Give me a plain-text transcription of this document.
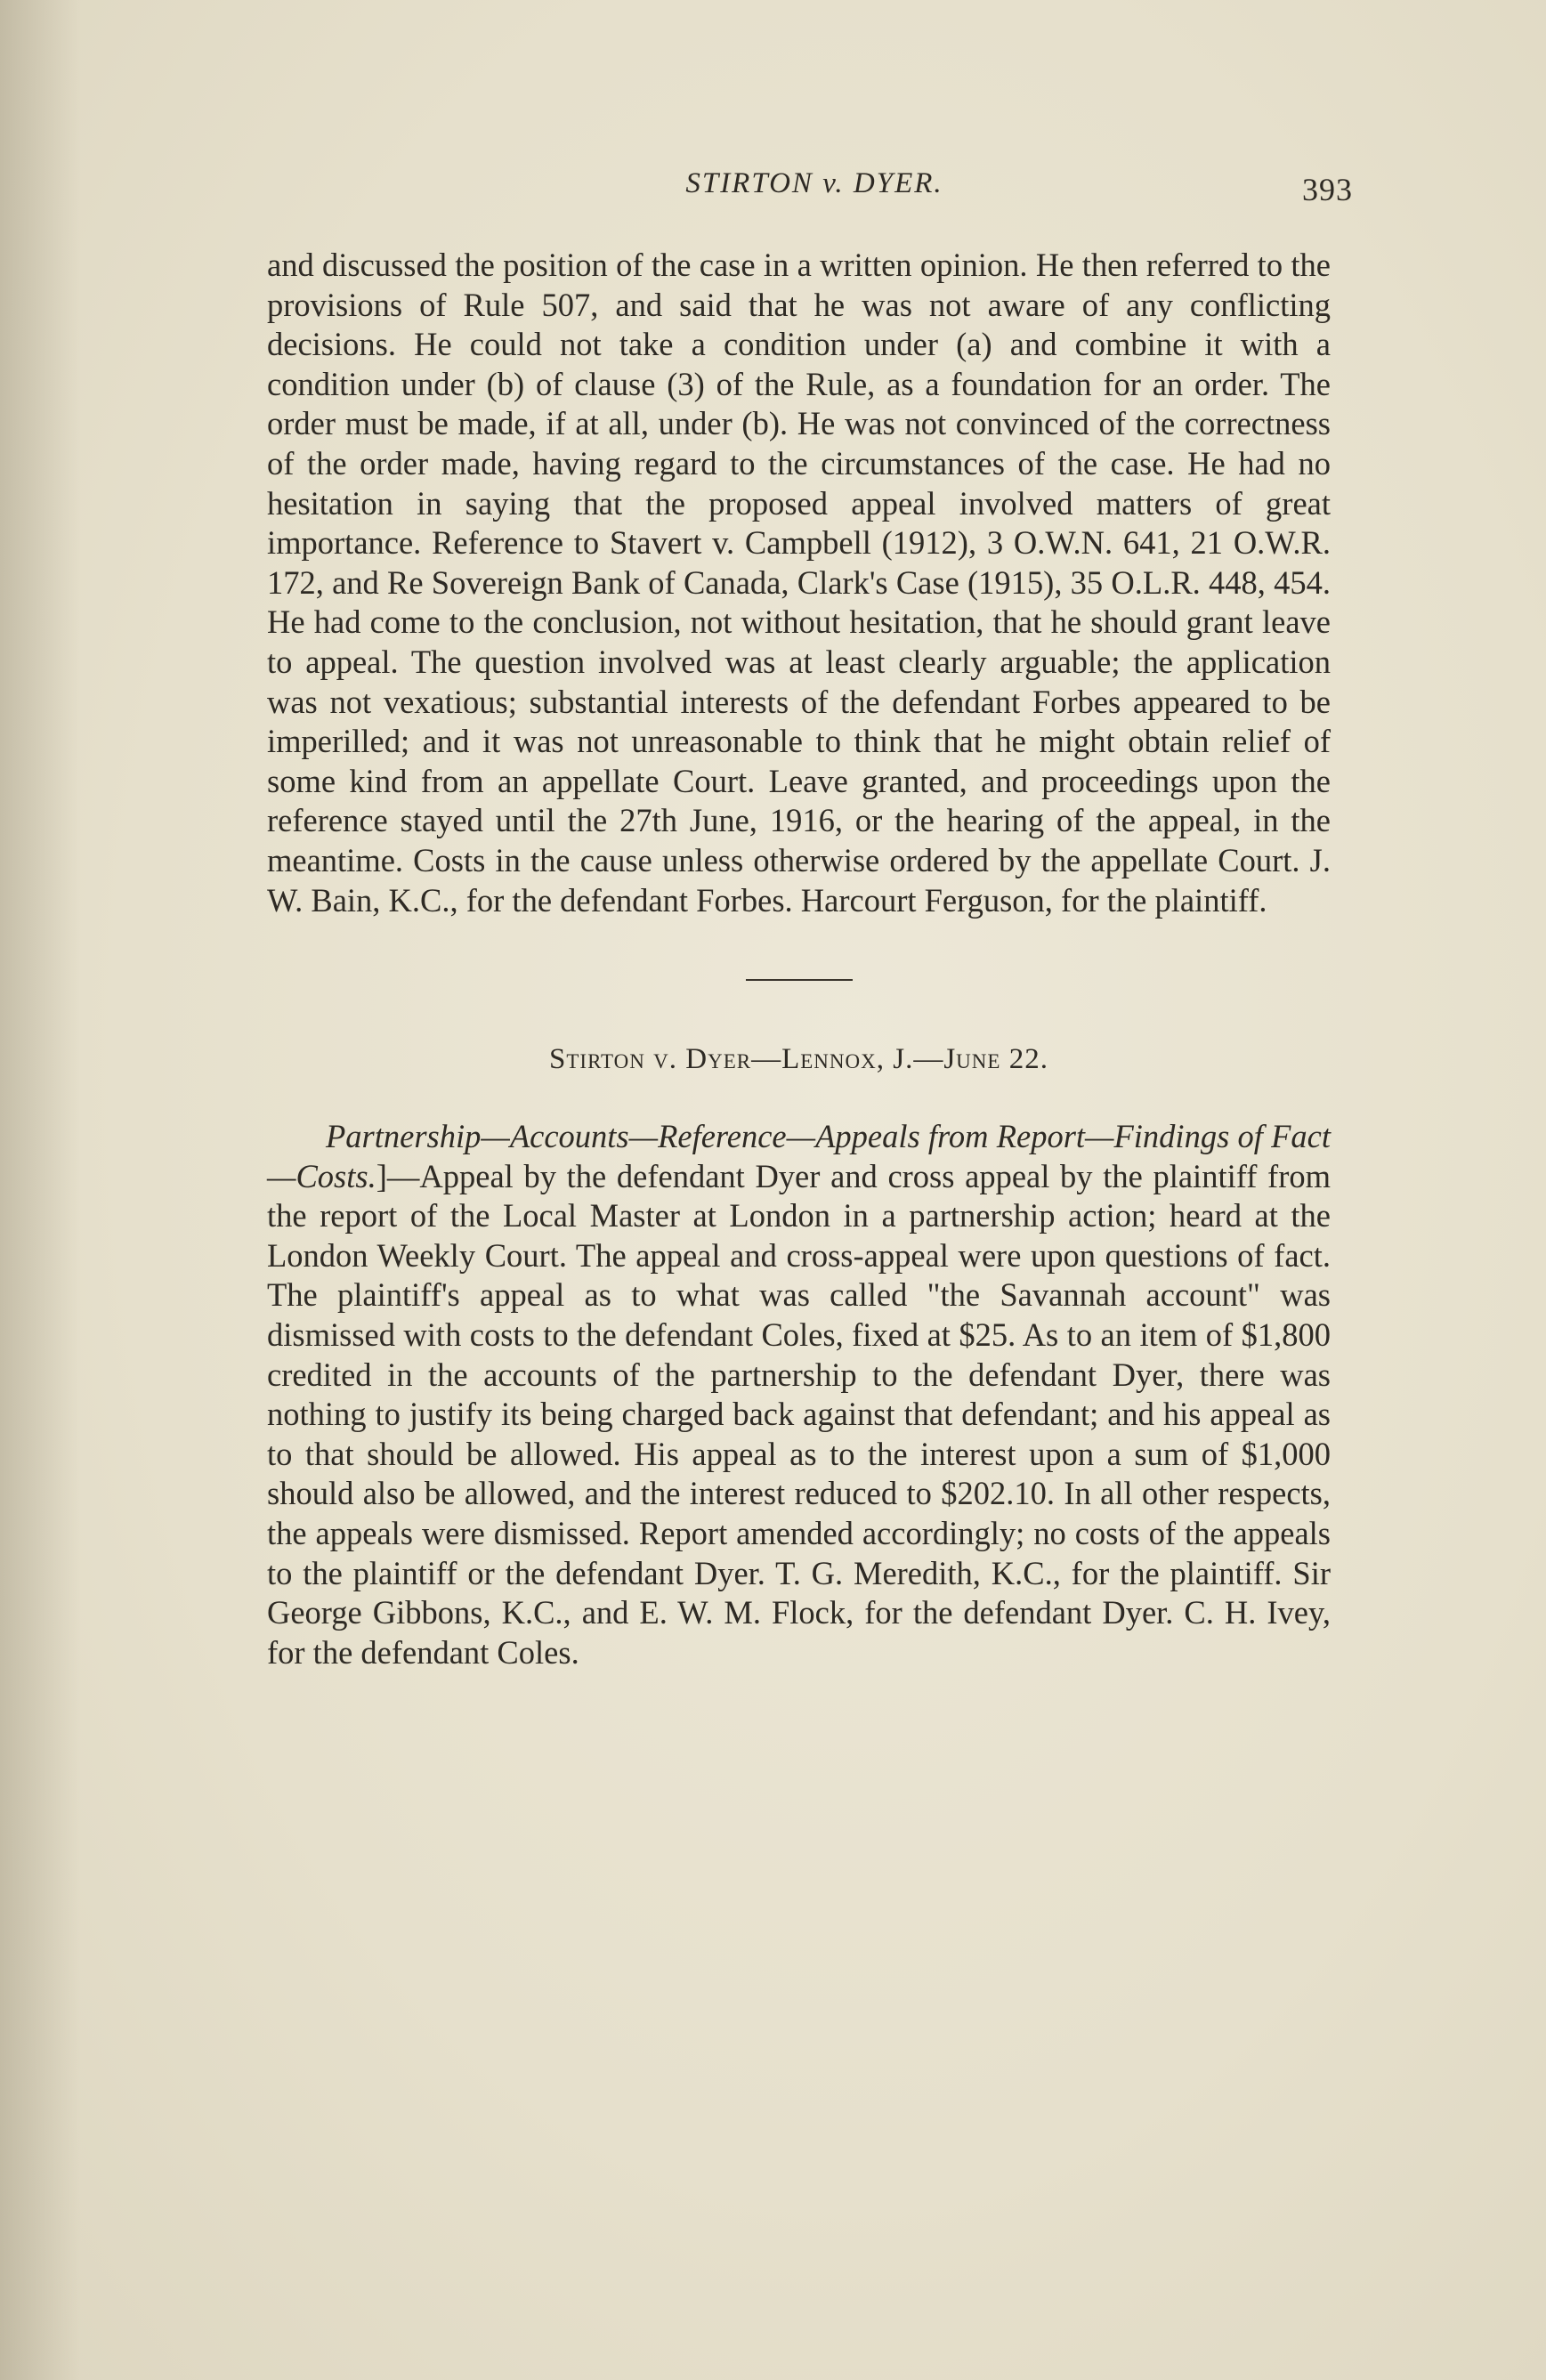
STIRTON v. DYER.	393

and discussed the position of the case in a written opinion. He then referred to the provisions of Rule 507, and said that he was not aware of any conflicting decisions. He could not take a condition under (a) and combine it with a condition under (b) of clause (3) of the Rule, as a foundation for an order. The order must be made, if at all, under (b). He was not convinced of the correctness of the order made, having regard to the circumstances of the case. He had no hesitation in saying that the proposed appeal involved matters of great importance. Reference to Stavert v. Campbell (1912), 3 O.W.N. 641, 21 O.W.R. 172, and Re Sovereign Bank of Canada, Clark's Case (1915), 35 O.L.R. 448, 454. He had come to the conclusion, not without hesitation, that he should grant leave to appeal. The question involved was at least clearly arguable; the application was not vexatious; substantial interests of the defendant Forbes appeared to be imperilled; and it was not unreasonable to think that he might obtain relief of some kind from an appellate Court. Leave granted, and proceedings upon the reference stayed until the 27th June, 1916, or the hearing of the appeal, in the meantime. Costs in the cause unless otherwise ordered by the appellate Court. J. W. Bain, K.C., for the defendant Forbes. Harcourt Ferguson, for the plaintiff.

Stirton v. Dyer—Lennox, J.—June 22.

Partnership—Accounts—Reference—Appeals from Report—Findings of Fact—Costs.]—Appeal by the defendant Dyer and cross appeal by the plaintiff from the report of the Local Master at London in a partnership action; heard at the London Weekly Court. The appeal and cross-appeal were upon questions of fact. The plaintiff's appeal as to what was called "the Savannah account" was dismissed with costs to the defendant Coles, fixed at $25. As to an item of $1,800 credited in the accounts of the partnership to the defendant Dyer, there was nothing to justify its being charged back against that defendant; and his appeal as to that should be allowed. His appeal as to the interest upon a sum of $1,000 should also be allowed, and the interest reduced to $202.10. In all other respects, the appeals were dismissed. Report amended accordingly; no costs of the appeals to the plaintiff or the defendant Dyer. T. G. Meredith, K.C., for the plaintiff. Sir George Gibbons, K.C., and E. W. M. Flock, for the defendant Dyer. C. H. Ivey, for the defendant Coles.
